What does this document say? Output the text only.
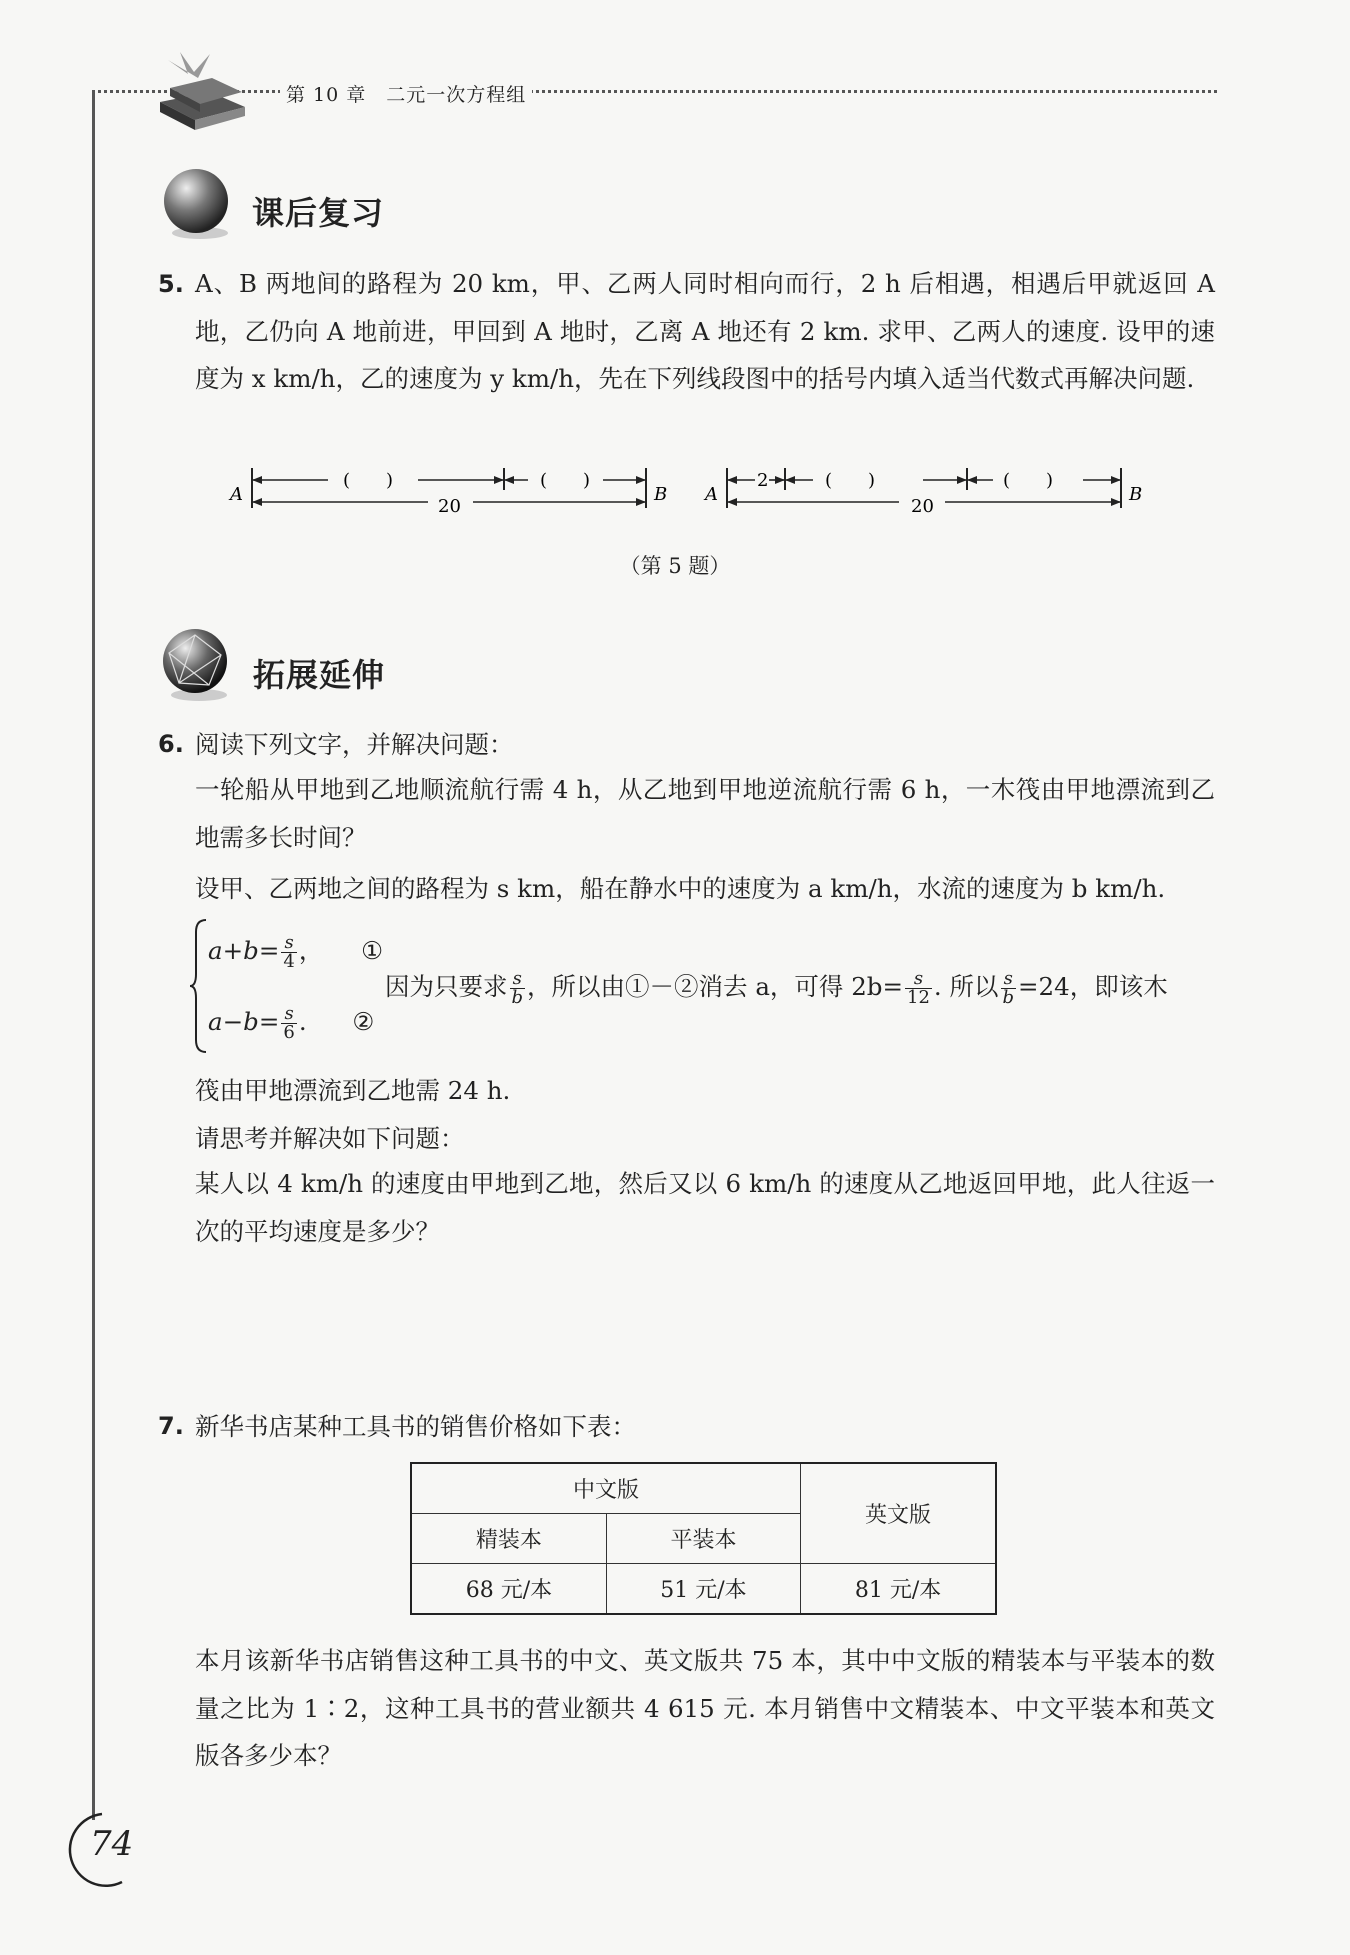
第 10 章　二元一次方程组
课后复习
5. A、B 两地间的路程为 20 km，甲、乙两人同时相向而行，2 h 后相遇，相遇后甲就返回 A 地，乙仍向 A 地前进，甲回到 A 地时，乙离 A 地还有 2 km. 求甲、乙两人的速度. 设甲的速度为 x km/h，乙的速度为 y km/h，先在下列线段图中的括号内填入适当代数式再解决问题.
(　　)	(　　)
20
A	B
2	(　　)	(　　)
20
A	B
（第 5 题）
拓展延伸
6. 阅读下列文字，并解决问题：
一轮船从甲地到乙地顺流航行需 4 h，从乙地到甲地逆流航行需 6 h，一木筏由甲地漂流到乙地需多长时间？
设甲、乙两地之间的路程为 s km，船在静水中的速度为 a km/h，水流的速度为 b km/h.
$a+b= \frac{s}{4}$ ， ①
$a-b= \frac{s}{6}$ . ②
因为只要求 $\frac{s}{b}$ ，所以由①－②消去 a，可得 $2b= \frac{s}{12}$ . 所以 $\frac{s}{b} =24$，即该木
筏由甲地漂流到乙地需 24 h.
请思考并解决如下问题：
某人以 4 km/h 的速度由甲地到乙地，然后又以 6 km/h 的速度从乙地返回甲地，此人往返一次的平均速度是多少？
7. 新华书店某种工具书的销售价格如下表：
中文版		英文版
精装本	平装本	
68 元/本	51 元/本	81 元/本
本月该新华书店销售这种工具书的中文、英文版共 75 本，其中中文版的精装本与平装本的数量之比为 1∶2，这种工具书的营业额共 4 615 元. 本月销售中文精装本、中文平装本和英文版各多少本？
74
